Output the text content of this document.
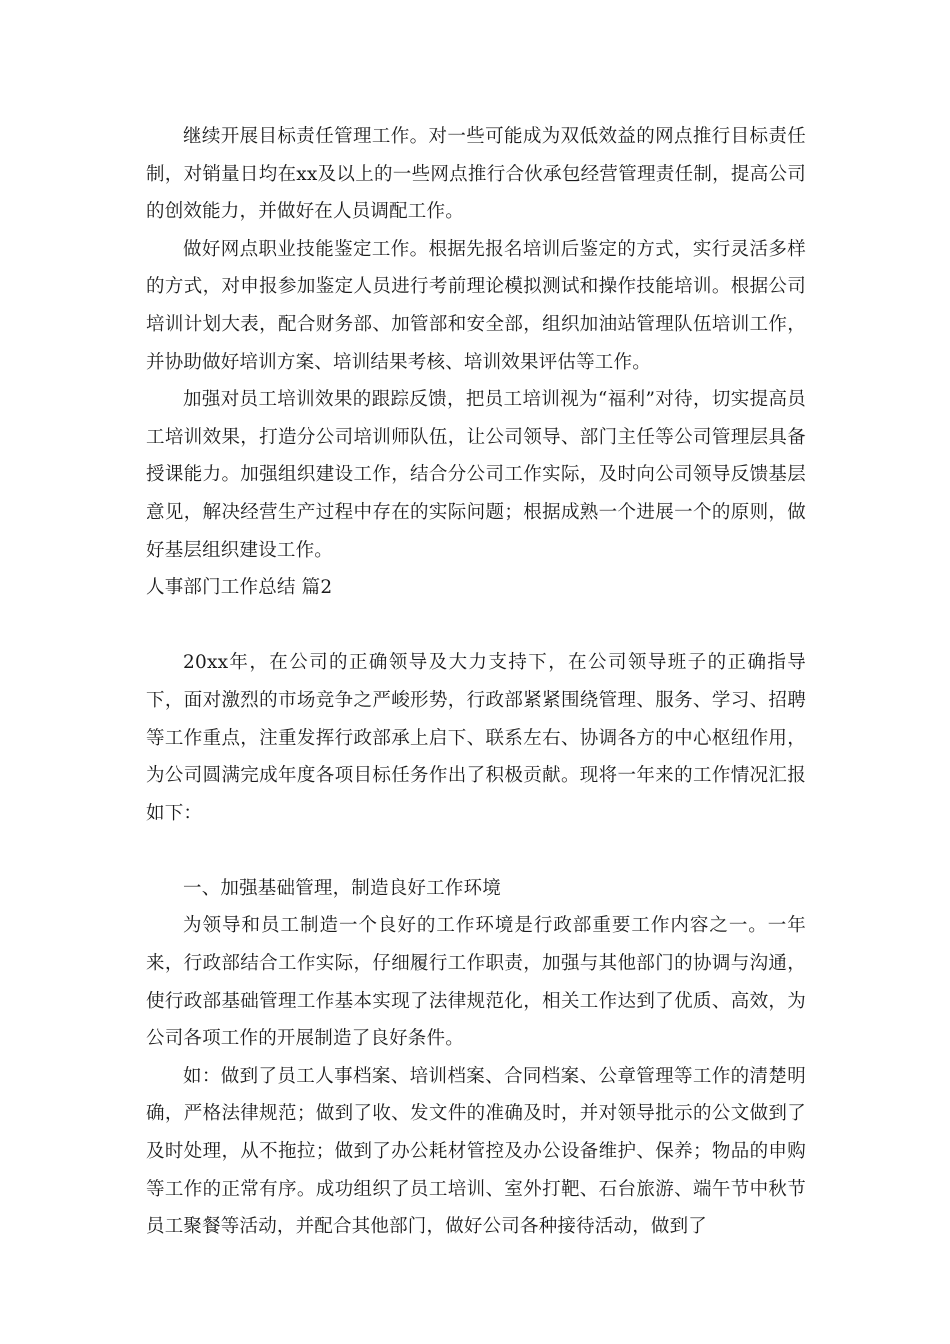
继续开展目标责任管理工作。对一些可能成为双低效益的网点推行目标责任制，对销量日均在xx及以上的一些网点推行合伙承包经营管理责任制，提高公司的创效能力，并做好在人员调配工作。

做好网点职业技能鉴定工作。根据先报名培训后鉴定的方式，实行灵活多样的方式，对申报参加鉴定人员进行考前理论模拟测试和操作技能培训。根据公司培训计划大表，配合财务部、加管部和安全部，组织加油站管理队伍培训工作，并协助做好培训方案、培训结果考核、培训效果评估等工作。

加强对员工培训效果的跟踪反馈，把员工培训视为“福利”对待，切实提高员工培训效果，打造分公司培训师队伍，让公司领导、部门主任等公司管理层具备授课能力。加强组织建设工作，结合分公司工作实际，及时向公司领导反馈基层意见，解决经营生产过程中存在的实际问题；根据成熟一个进展一个的原则，做好基层组织建设工作。

人事部门工作总结 篇2

20xx年，在公司的正确领导及大力支持下，在公司领导班子的正确指导下，面对激烈的市场竞争之严峻形势，行政部紧紧围绕管理、服务、学习、招聘等工作重点，注重发挥行政部承上启下、联系左右、协调各方的中心枢纽作用，为公司圆满完成年度各项目标任务作出了积极贡献。现将一年来的工作情况汇报如下：

一、加强基础管理，制造良好工作环境

为领导和员工制造一个良好的工作环境是行政部重要工作内容之一。一年来，行政部结合工作实际，仔细履行工作职责，加强与其他部门的协调与沟通，使行政部基础管理工作基本实现了法律规范化，相关工作达到了优质、高效，为公司各项工作的开展制造了良好条件。

如：做到了员工人事档案、培训档案、合同档案、公章管理等工作的清楚明确，严格法律规范；做到了收、发文件的准确及时，并对领导批示的公文做到了及时处理，从不拖拉；做到了办公耗材管控及办公设备维护、保养；物品的申购等工作的正常有序。成功组织了员工培训、室外打靶、石台旅游、端午节中秋节员工聚餐等活动，并配合其他部门，做好公司各种接待活动，做到了
